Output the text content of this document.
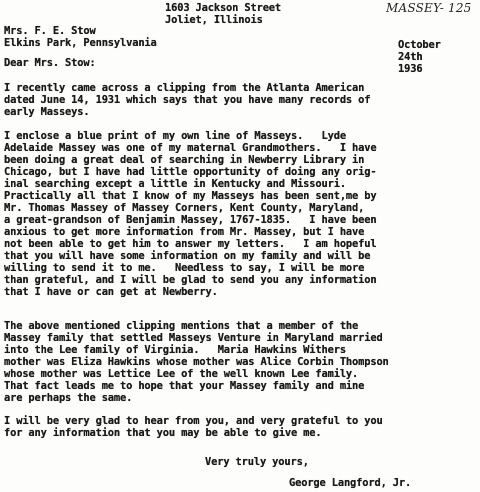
MASSEY- 125
1603 Jackson Street
Joliet, Illinois
Mrs. F. E. Stow
Elkins Park, Pennsylvania	October
24th
1936
Dear Mrs. Stow:
I recently came across a clipping from the Atlanta American
dated June 14, 1931 which says that you have many records of
early Masseys.
I enclose a blue print of my own line of Masseys.   Lyde
Adelaide Massey was one of my maternal Grandmothers.   I have
been doing a great deal of searching in Newberry Library in
Chicago, but I have had little opportunity of doing any orig-
inal searching except a little in Kentucky and Missouri.
Practically all that I know of my Masseys has been sent,me by
Mr. Thomas Massey of Massey Corners, Kent County, Maryland,
a great-grandson of Benjamin Massey, 1767-1835.   I have been
anxious to get more information from Mr. Massey, but I have
not been able to get him to answer my letters.   I am hopeful
that you will have some information on my family and will be
willing to send it to me.   Needless to say, I will be more
than grateful, and I will be glad to send you any information
that I have or can get at Newberry.
The above mentioned clipping mentions that a member of the
Massey family that settled Masseys Venture in Maryland married
into the Lee family of Virginia.   Maria Hawkins Withers
mother was Eliza Hawkins whose mother was Alice Corbin Thompson
whose mother was Lettice Lee of the well known Lee family.
That fact leads me to hope that your Massey family and mine
are perhaps the same.
I will be very glad to hear from you, and very grateful to you
for any information that you may be able to give me.
Very truly yours,
George Langford, Jr.
